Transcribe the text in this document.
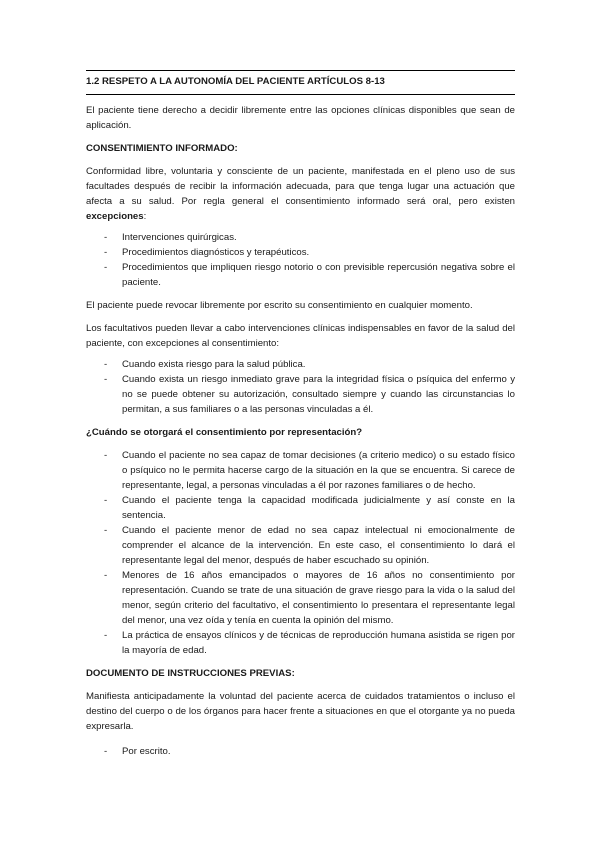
1.2 RESPETO A LA AUTONOMÍA DEL PACIENTE ARTÍCULOS 8-13

El paciente tiene derecho a decidir libremente entre las opciones clínicas disponibles que sean de aplicación.

CONSENTIMIENTO INFORMADO:

Conformidad libre, voluntaria y consciente de un paciente, manifestada en el pleno uso de sus facultades después de recibir la información adecuada, para que tenga lugar una actuación que afecta a su salud. Por regla general el consentimiento informado será oral, pero existen excepciones:

- Intervenciones quirúrgicas.
- Procedimientos diagnósticos y terapéuticos.
- Procedimientos que impliquen riesgo notorio o con previsible repercusión negativa sobre el paciente.

El paciente puede revocar libremente por escrito su consentimiento en cualquier momento.

Los facultativos pueden llevar a cabo intervenciones clínicas indispensables en favor de la salud del paciente, con excepciones al consentimiento:

- Cuando exista riesgo para la salud pública.
- Cuando exista un riesgo inmediato grave para la integridad física o psíquica del enfermo y no se puede obtener su autorización, consultado siempre y cuando las circunstancias lo permitan, a sus familiares o a las personas vinculadas a él.
¿Cuándo se otorgará el consentimiento por representación?
- Cuando el paciente no sea capaz de tomar decisiones (a criterio medico) o su estado físico o psíquico no le permita hacerse cargo de la situación en la que se encuentra. Si carece de representante, legal, a personas vinculadas a él por razones familiares o de hecho.
- Cuando el paciente tenga la capacidad modificada judicialmente y así conste en la sentencia.
- Cuando el paciente menor de edad no sea capaz intelectual ni emocionalmente de comprender el alcance de la intervención. En este caso, el consentimiento lo dará el representante legal del menor, después de haber escuchado su opinión.
- Menores de 16 años emancipados o mayores de 16 años no consentimiento por representación. Cuando se trate de una situación de grave riesgo para la vida o la salud del menor, según criterio del facultativo, el consentimiento lo presentara el representante legal del menor, una vez oída y tenía en cuenta la opinión del mismo.
- La práctica de ensayos clínicos y de técnicas de reproducción humana asistida se rigen por la mayoría de edad.
DOCUMENTO DE INSTRUCCIONES PREVIAS:

Manifiesta anticipadamente la voluntad del paciente acerca de cuidados tratamientos o incluso el destino del cuerpo o de los órganos para hacer frente a situaciones en que el otorgante ya no pueda expresarla.

- Por escrito.
